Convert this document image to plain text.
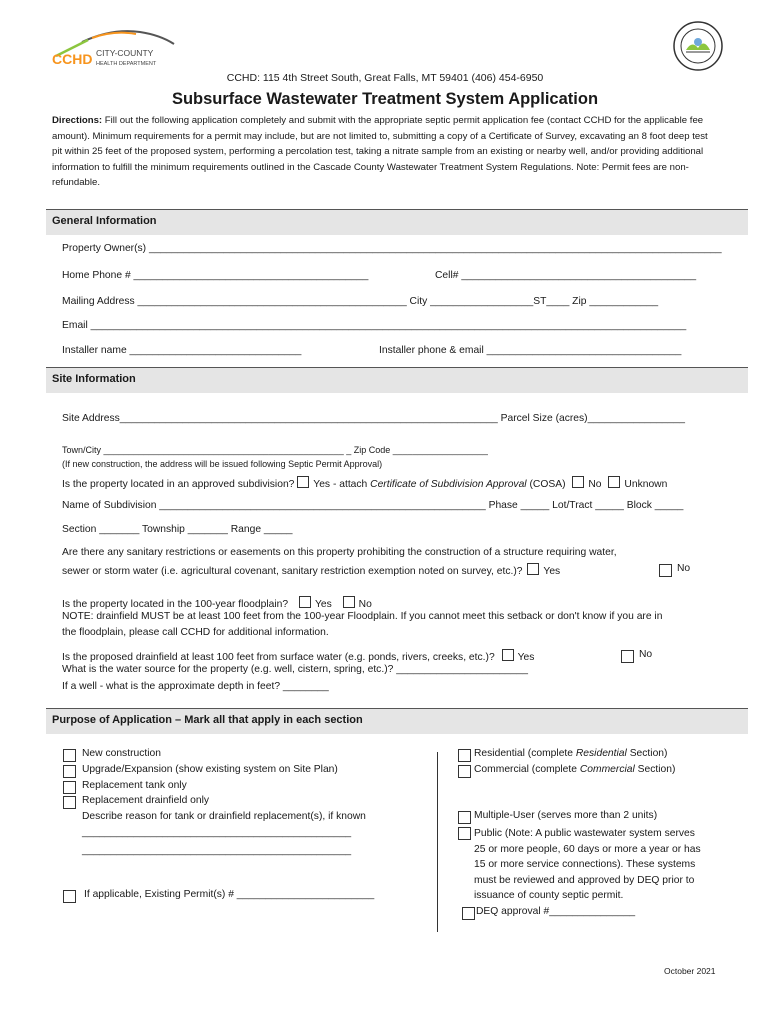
CCHD CITY-COUNTY
HEALTH DEPARTMENT
CCHD: 115 4th Street South, Great Falls, MT 59401 (406) 454-6950
Subsurface Wastewater Treatment System Application
Directions: Fill out the following application completely and submit with the appropriate septic permit application fee (contact CCHD for the applicable fee amount). Minimum requirements for a permit may include, but are not limited to, submitting a copy of a Certificate of Survey, excavating an 8 foot deep test pit within 25 feet of the proposed system, performing a percolation test, taking a nitrate sample from an existing or nearby well, and/or providing additional information to fulfill the minimum requirements outlined in the Cascade County Wastewater Treatment System Regulations. Note: Permit fees are non-refundable.
General Information
Property Owner(s) ____________________________________________________________________________________________________
Home Phone # _________________________________________	Cell# _________________________________________
Mailing Address _______________________________________________ City __________________ST____ Zip ____________
Email ________________________________________________________________________________________________________
Installer name ______________________________	Installer phone & email __________________________________
Site Information
Site Address__________________________________________________________________ Parcel Size (acres)_________________
Town/City ________________________________________________ _ Zip Code ___________________
(If new construction, the address will be issued following Septic Permit Approval)
Is the property located in an approved subdivision? Yes - attach Certificate of Subdivision Approval (COSA) No Unknown
Name of Subdivision _________________________________________________________ Phase _____ Lot/Tract _____ Block _____
Section _______ Township _______ Range _____
Are there any sanitary restrictions or easements on this property prohibiting the construction of a structure requiring water,
sewer or storm water (i.e. agricultural covenant, sanitary restriction exemption noted on survey, etc.)? Yes	No
Is the property located in the 100-year floodplain?	Yes	No
NOTE: drainfield MUST be at least 100 feet from the 100-year Floodplain. If you cannot meet this setback or don't know if you are in
the floodplain, please call CCHD for additional information.
Is the proposed drainfield at least 100 feet from surface water (e.g. ponds, rivers, creeks, etc.)? Yes	No
What is the water source for the property (e.g. well, cistern, spring, etc.)? _______________________
If a well - what is the approximate depth in feet? ________
Purpose of Application – Mark all that apply in each section
New construction
Upgrade/Expansion (show existing system on Site Plan)
Replacement tank only
Replacement drainfield only
Describe reason for tank or drainfield replacement(s), if known
_______________________________________________
_______________________________________________
If applicable, Existing Permit(s) # ________________________
Residential (complete Residential Section)
Commercial (complete Commercial Section)
Multiple-User (serves more than 2 units)
Public (Note: A public wastewater system serves
25 or more people, 60 days or more a year or has
15 or more service connections). These systems
must be reviewed and approved by DEQ prior to
issuance of county septic permit.
DEQ approval #_______________
October 2021
